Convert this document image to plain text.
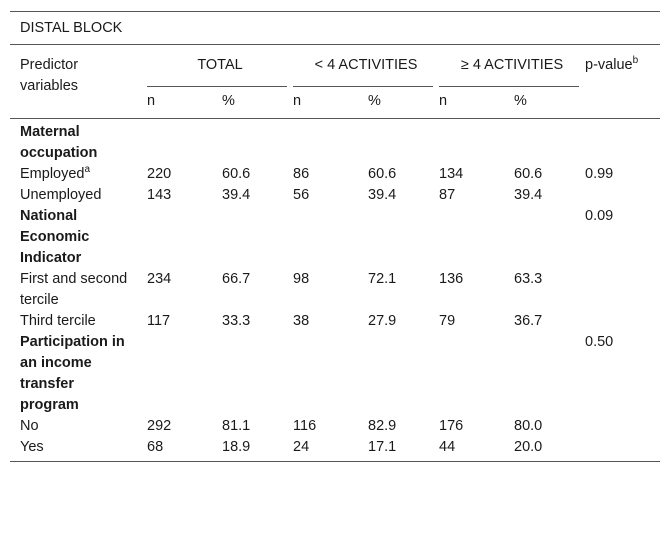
DISTAL BLOCK
Predictor variables	TOTAL		< 4 ACTIVITIES		≥ 4 ACTIVITIES		p-value$^b$
	n	%	n	%	n	%	

Maternal occupation							
Employed$^a$	220	60.6	86	60.6	134	60.6	0.99
Unemployed	143	39.4	56	39.4	87	39.4	
National Economic Indicator							0.09
First and second tercile	234	66.7	98	72.1	136	63.3	
Third tercile	117	33.3	38	27.9	79	36.7	
Participation in an income transfer program							0.50
No	292	81.1	116	82.9	176	80.0	
Yes	68	18.9	24	17.1	44	20.0	
